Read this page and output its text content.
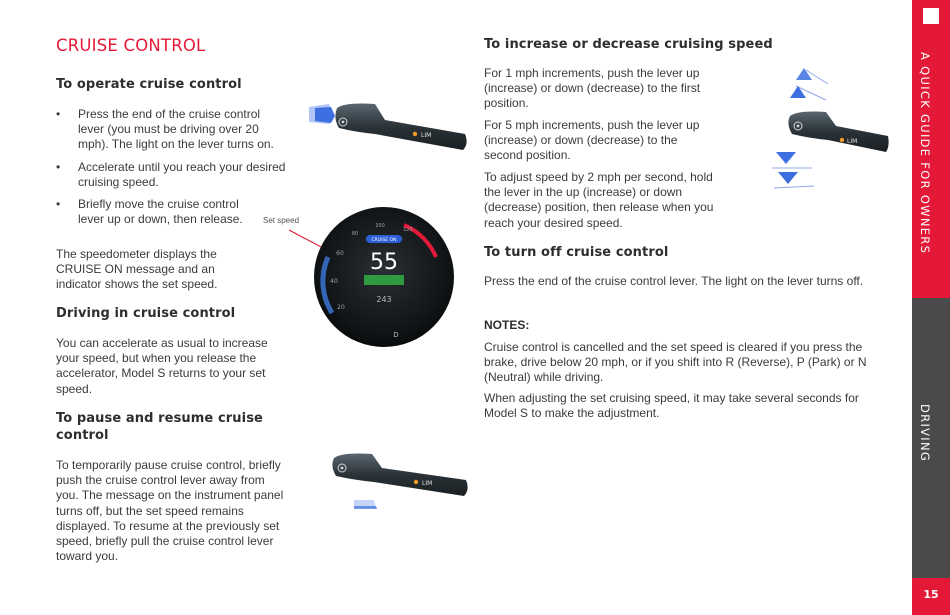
A QUICK GUIDE FOR OWNERS
DRIVING
15
CRUISE CONTROL
To operate cruise control
• Press the end of the cruise control lever (you must be driving over 20 mph). The light on the lever turns on.
• Accelerate until you reach your desired cruising speed.
• Briefly move the cruise control lever up or down, then release.

The speedometer displays the CRUISE ON message and an indicator shows the set speed.

Driving in cruise control

You can accelerate as usual to increase your speed, but when you release the accelerator, Model S returns to your set speed.

To pause and resume cruise control

To temporarily pause cruise control, briefly push the cruise control lever away from you. The message on the instrument panel turns off, but the set speed remains displayed. To resume at the previously set speed, briefly pull the cruise control lever toward you.

LIM
Set speed
CRUISE ON
55
243
D
20
40
60
80
100
120
LIM
To increase or decrease cruising speed

For 1 mph increments, push the lever up (increase) or down (decrease) to the first position.

For 5 mph increments, push the lever up (increase) or down (decrease) to the second position.

To adjust speed by 2 mph per second, hold the lever in the up (increase) or down (decrease) position, then release when you reach your desired speed.

To turn off cruise control

Press the end of the cruise control lever. The light on the lever turns off.

NOTES:

Cruise control is cancelled and the set speed is cleared if you press the brake, drive below 20 mph, or if you shift into R (Reverse), P (Park) or N (Neutral) while driving.

When adjusting the set cruising speed, it may take several seconds for Model S to make the adjustment.

LIM
